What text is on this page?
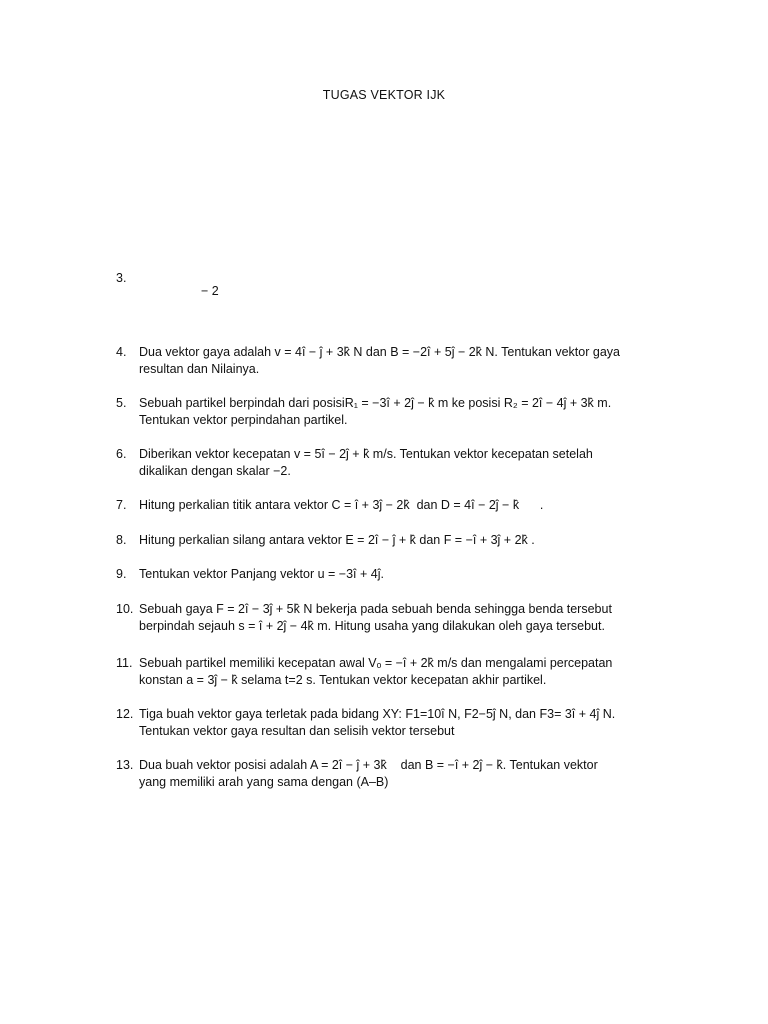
TUGAS VEKTOR IJK
3.
− 2
4.	Dua vektor gaya adalah v = 4î − ĵ + 3k̂ N dan B = −2î + 5ĵ − 2k̂ N. Tentukan vektor gaya
resultan dan Nilainya.
5.	Sebuah partikel berpindah dari posisiR₁ = −3î + 2ĵ − k̂ m ke posisi R₂ = 2î − 4ĵ + 3k̂ m.
Tentukan vektor perpindahan partikel.
6.	Diberikan vektor kecepatan v = 5î − 2ĵ + k̂ m/s. Tentukan vektor kecepatan setelah
dikalikan dengan skalar −2.
7.	Hitung perkalian titik antara vektor C = î + 3ĵ − 2k̂  dan D = 4î − 2ĵ − k̂      .
8.	Hitung perkalian silang antara vektor E = 2î − ĵ + k̂ dan F = −î + 3ĵ + 2k̂ .
9.	Tentukan vektor Panjang vektor u = −3î + 4ĵ.
10. Sebuah gaya F = 2î − 3ĵ + 5k̂ N bekerja pada sebuah benda sehingga benda tersebut
berpindah sejauh s = î + 2ĵ − 4k̂ m. Hitung usaha yang dilakukan oleh gaya tersebut.
11. Sebuah partikel memiliki kecepatan awal Vₒ = −î + 2k̂ m/s dan mengalami percepatan
konstan a = 3ĵ − k̂ selama t=2 s. Tentukan vektor kecepatan akhir partikel.
12. Tiga buah vektor gaya terletak pada bidang XY: F1=10î N, F2−5ĵ N, dan F3= 3î + 4ĵ N.
Tentukan vektor gaya resultan dan selisih vektor tersebut
13. Dua buah vektor posisi adalah A = 2î − ĵ + 3k̂    dan B = −î + 2ĵ − k̂. Tentukan vektor
yang memiliki arah yang sama dengan (A–B)
